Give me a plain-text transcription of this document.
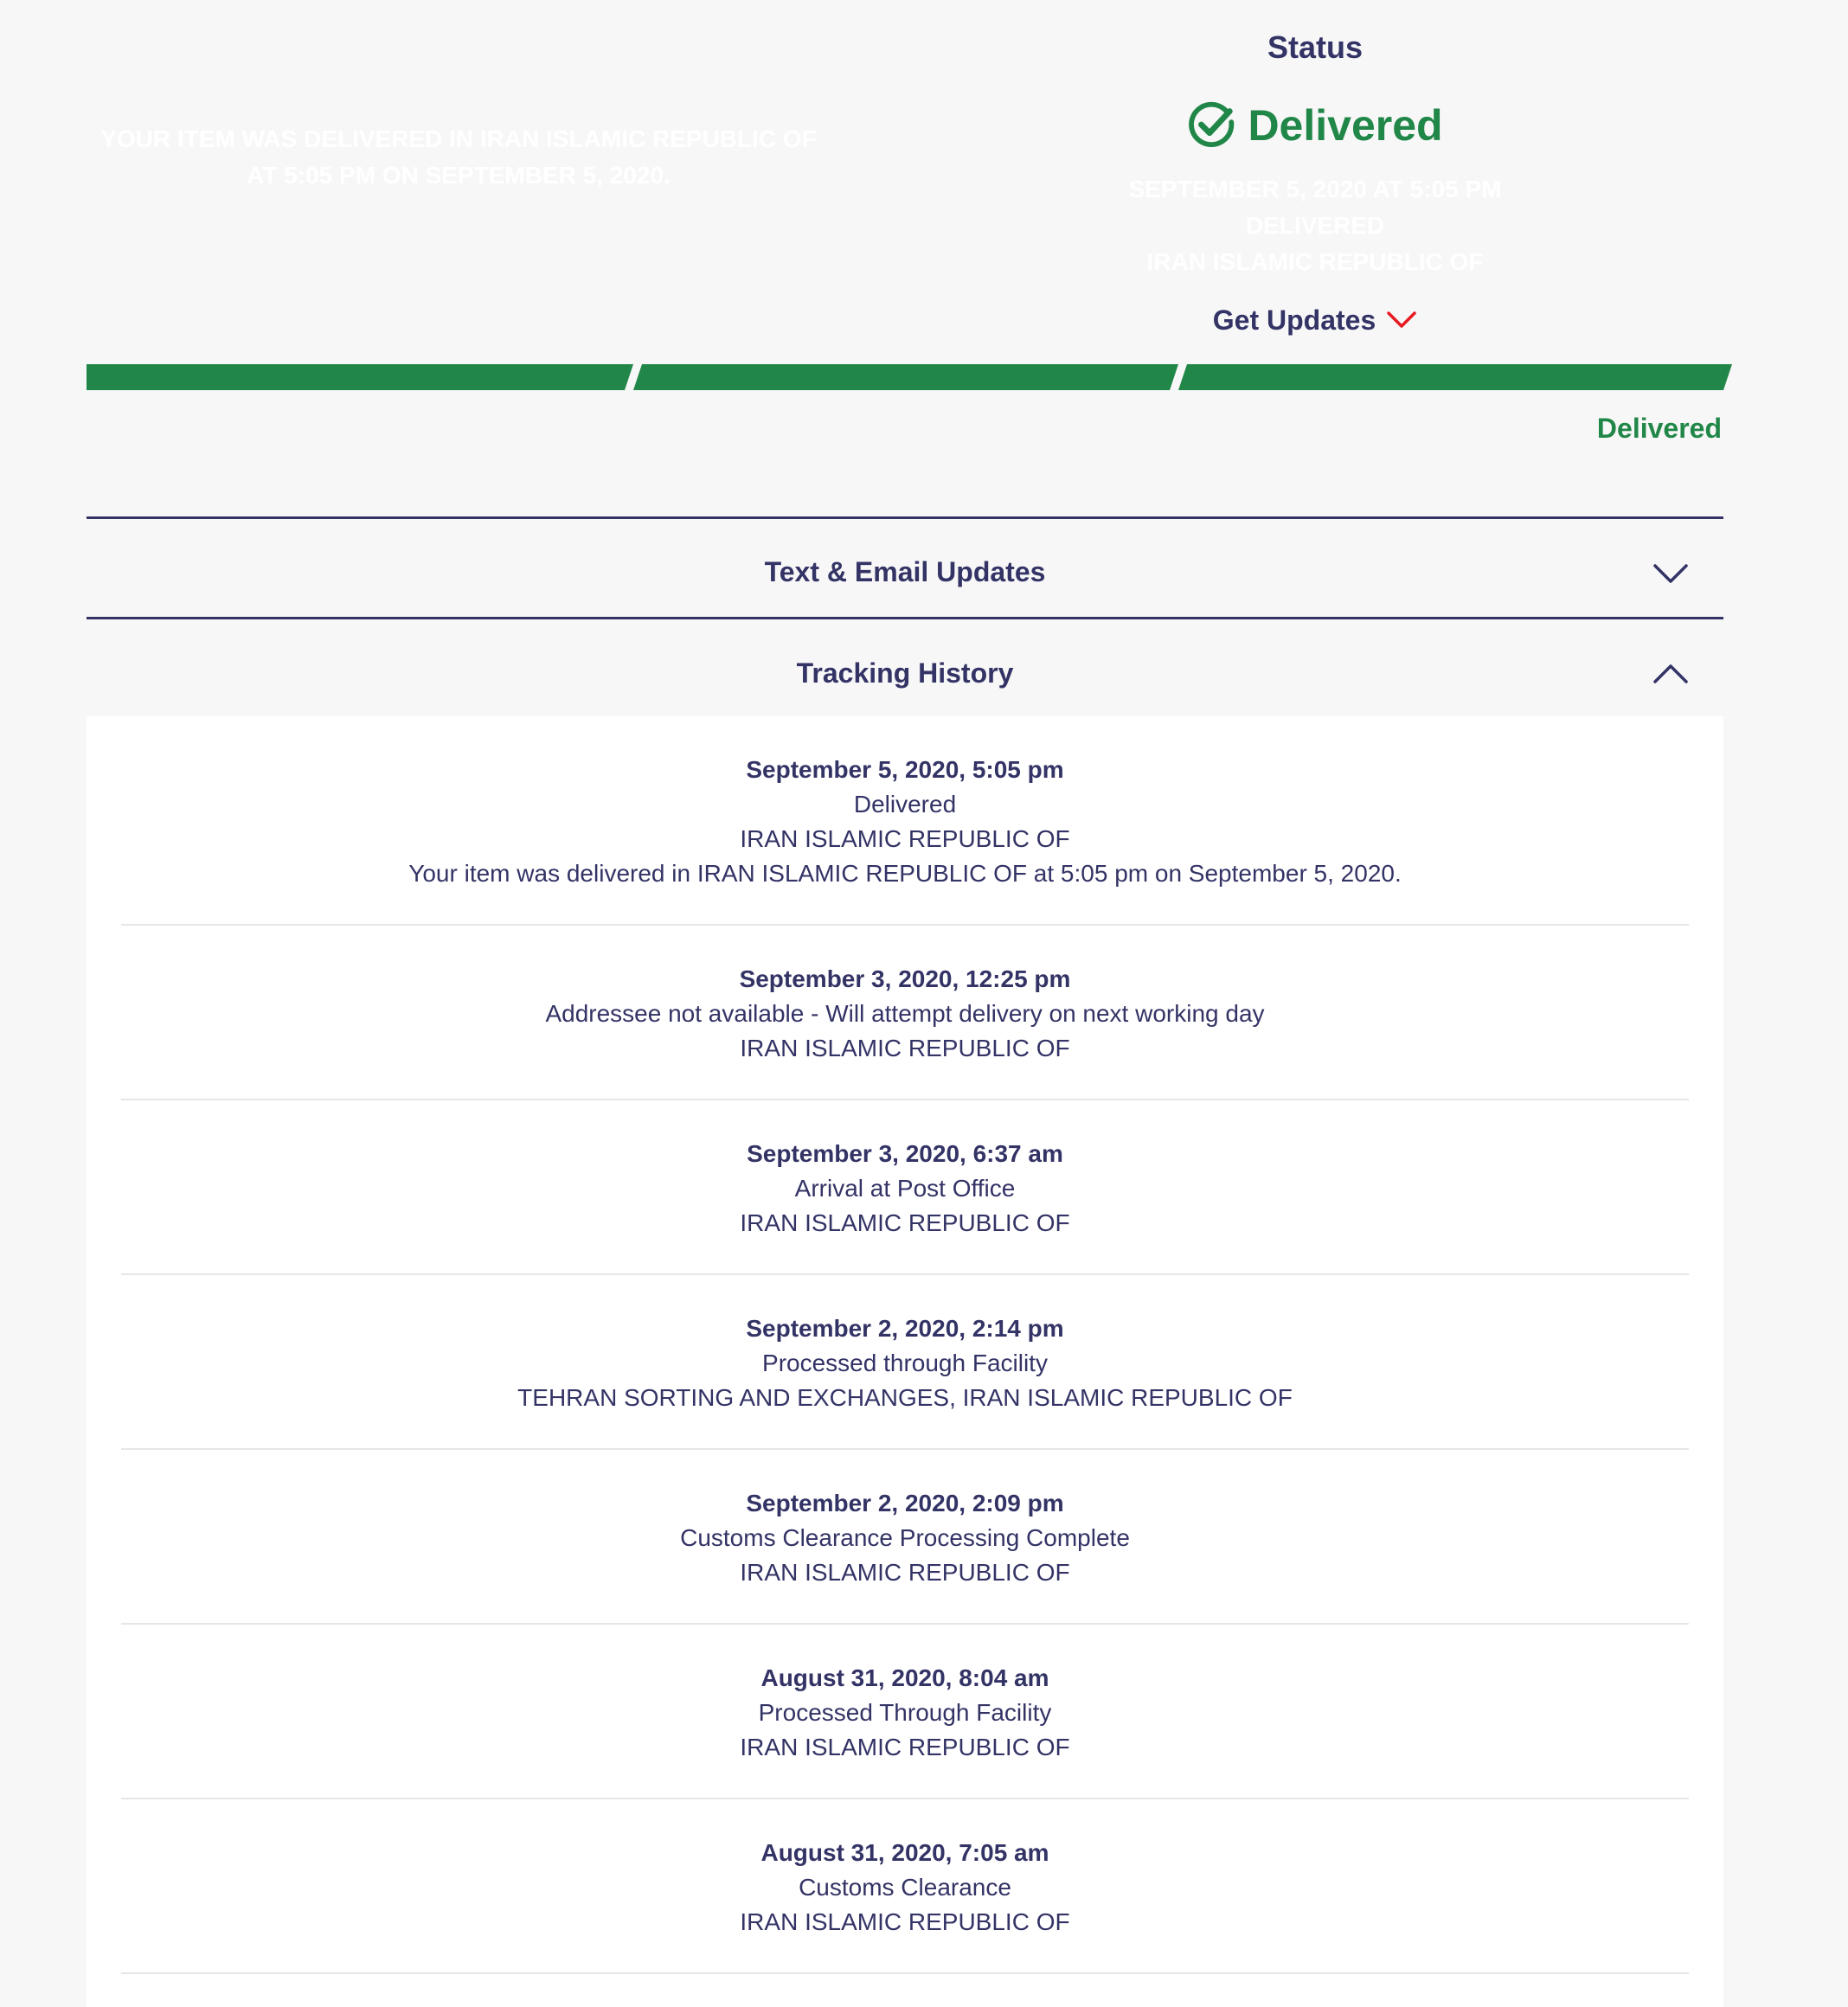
YOUR ITEM WAS DELIVERED IN IRAN ISLAMIC REPUBLIC OF
AT 5:05 PM ON SEPTEMBER 5, 2020.
Status
Delivered
SEPTEMBER 5, 2020 AT 5:05 PM
DELIVERED
IRAN ISLAMIC REPUBLIC OF
Get Updates
Delivered
Text & Email Updates
Tracking History
September 5, 2020, 5:05 pm
Delivered
IRAN ISLAMIC REPUBLIC OF
Your item was delivered in IRAN ISLAMIC REPUBLIC OF at 5:05 pm on September 5, 2020.
September 3, 2020, 12:25 pm
Addressee not available - Will attempt delivery on next working day
IRAN ISLAMIC REPUBLIC OF
September 3, 2020, 6:37 am
Arrival at Post Office
IRAN ISLAMIC REPUBLIC OF
September 2, 2020, 2:14 pm
Processed through Facility
TEHRAN SORTING AND EXCHANGES, IRAN ISLAMIC REPUBLIC OF
September 2, 2020, 2:09 pm
Customs Clearance Processing Complete
IRAN ISLAMIC REPUBLIC OF
August 31, 2020, 8:04 am
Processed Through Facility
IRAN ISLAMIC REPUBLIC OF
August 31, 2020, 7:05 am
Customs Clearance
IRAN ISLAMIC REPUBLIC OF
